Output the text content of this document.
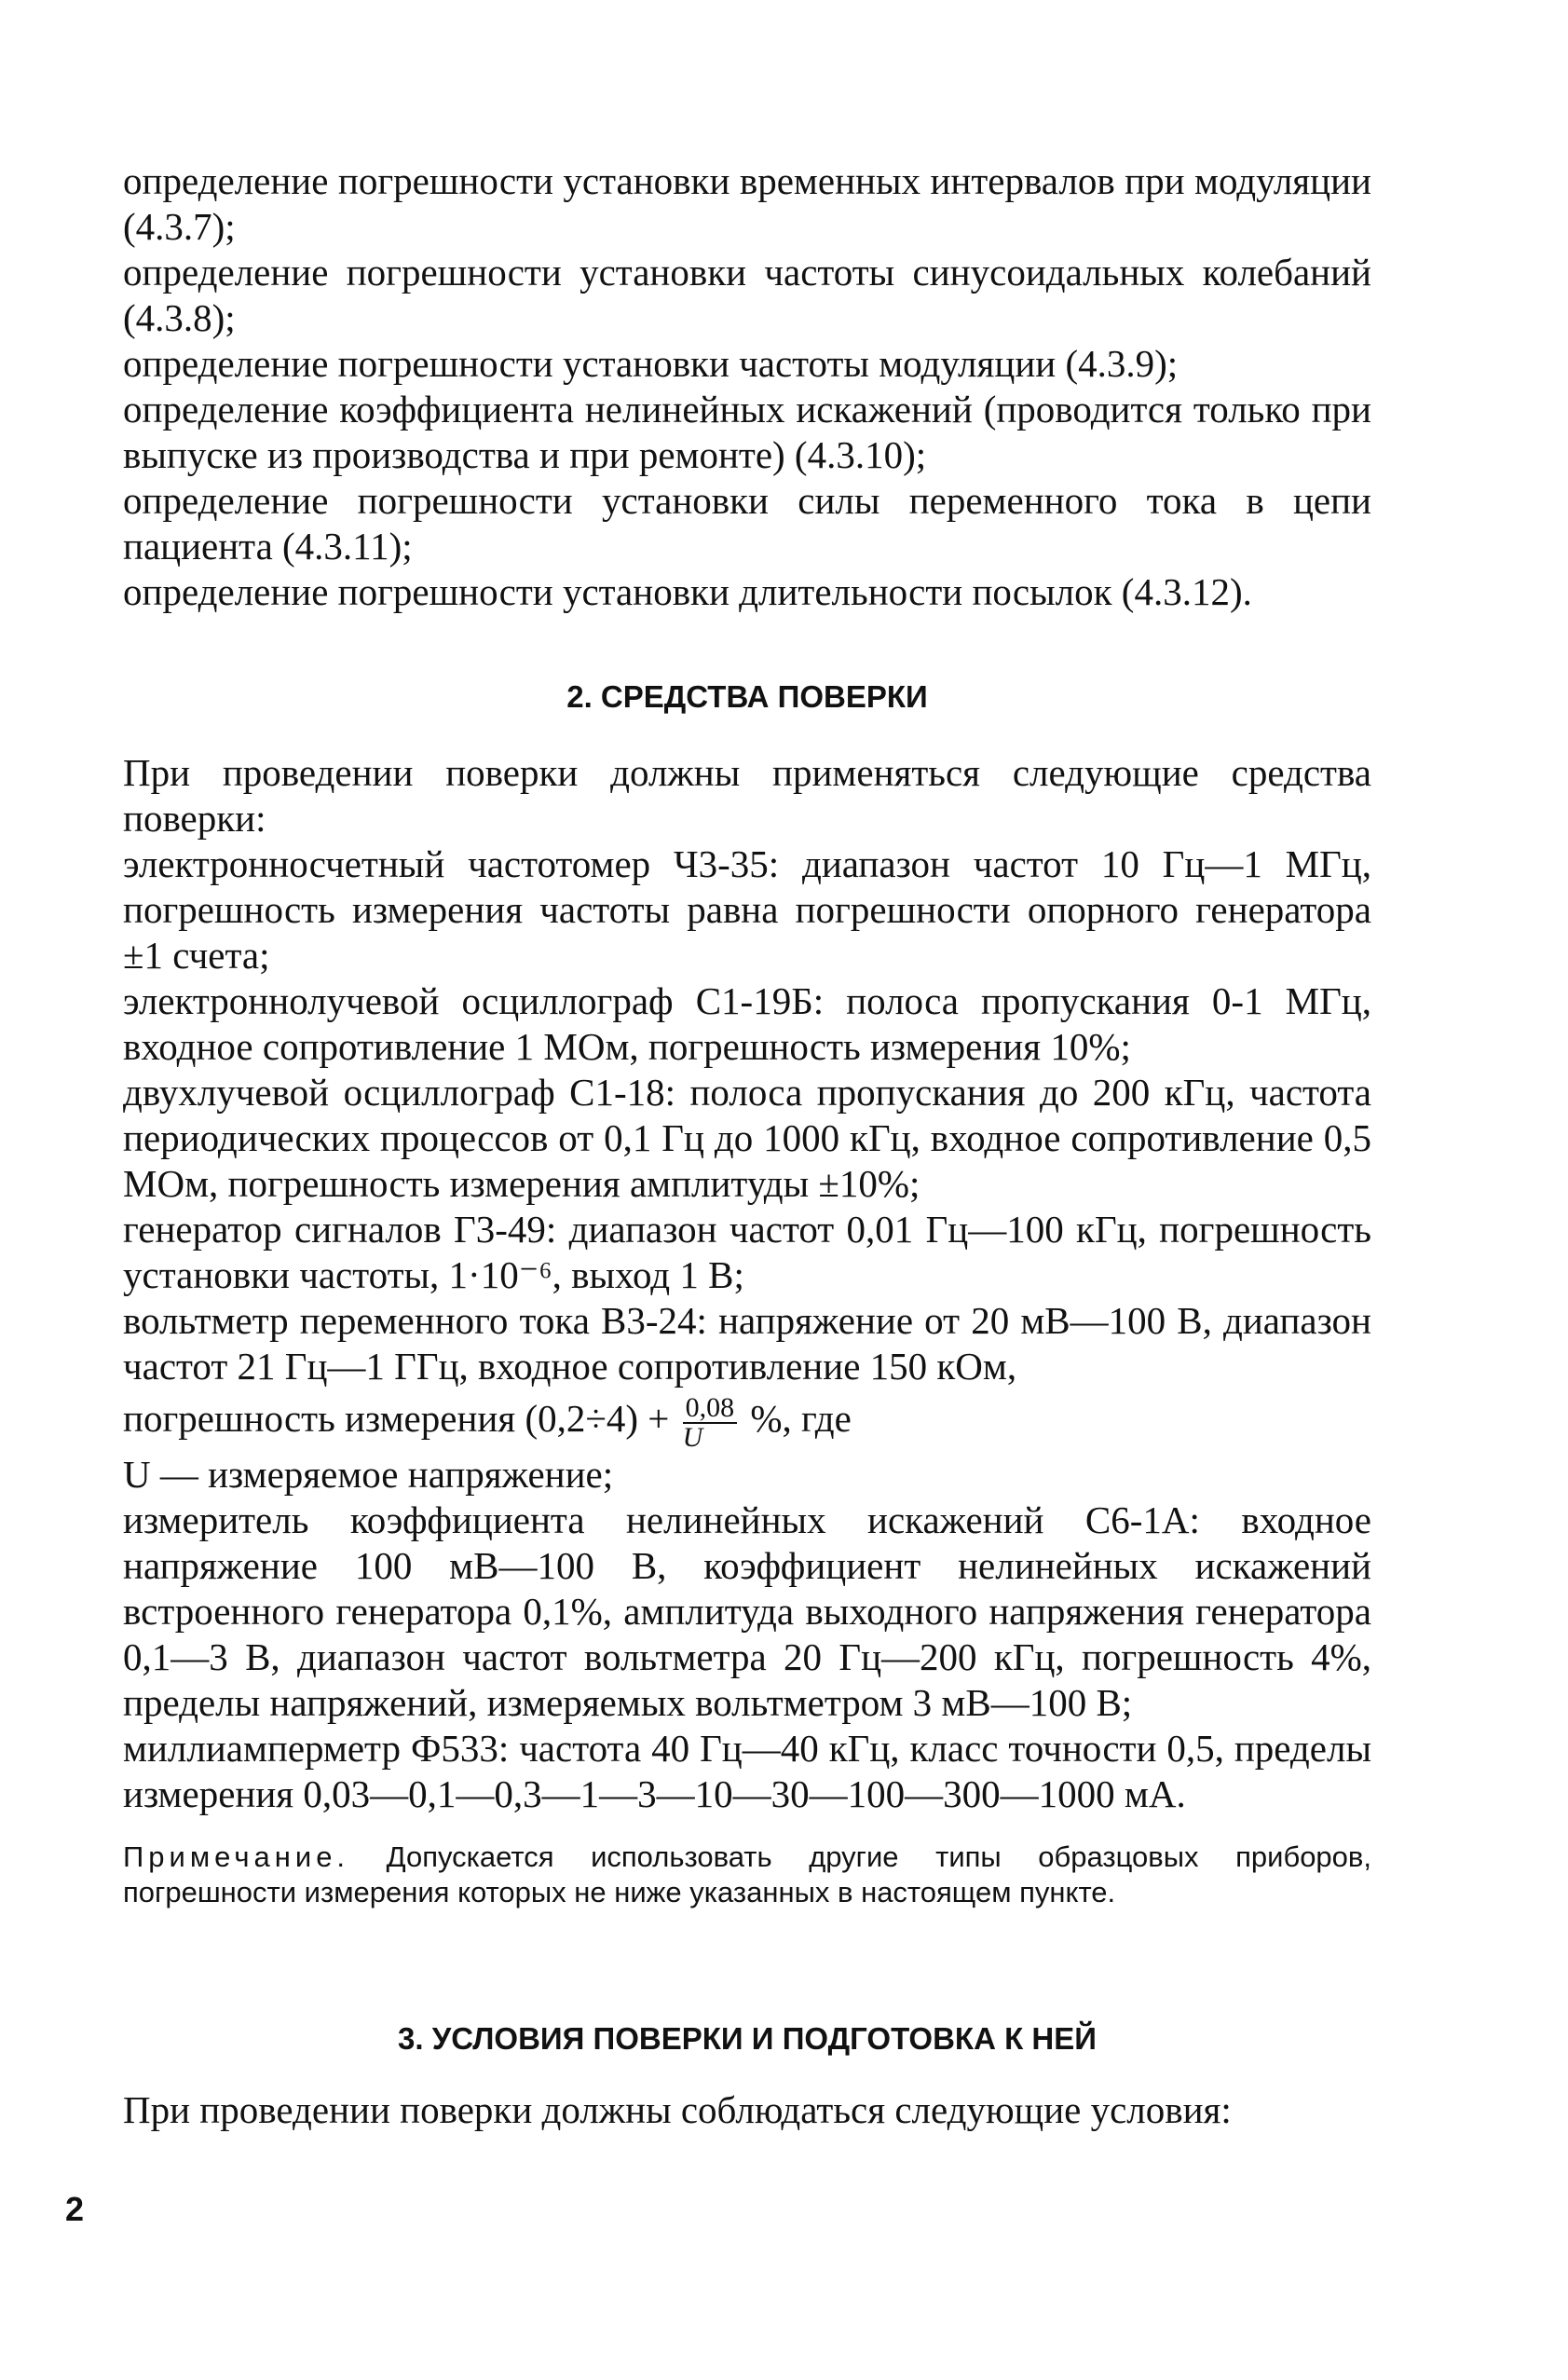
определение погрешности установки временных интервалов при модуляции (4.3.7);

определение погрешности установки частоты синусоидальных колебаний (4.3.8);

определение погрешности установки частоты модуляции (4.3.9);

определение коэффициента нелинейных искажений (проводится только при выпуске из производства и при ремонте) (4.3.10);

определение погрешности установки силы переменного тока в цепи пациента (4.3.11);

определение погрешности установки длительности посылок (4.3.12).

2. СРЕДСТВА ПОВЕРКИ

При проведении поверки должны применяться следующие средства поверки:

электронносчетный частотомер Ч3-35: диапазон частот 10 Гц—1 МГц, погрешность измерения частоты равна погрешности опорного генератора ±1 счета;

электроннолучевой осциллограф С1-19Б: полоса пропускания 0-1 МГц, входное сопротивление 1 МОм, погрешность измерения 10%;

двухлучевой осциллограф С1-18: полоса пропускания до 200 кГц, частота периодических процессов от 0,1 Гц до 1000 кГц, входное сопротивление 0,5 МОм, погрешность измерения амплитуды ±10%;

генератор сигналов Г3-49: диапазон частот 0,01 Гц—100 кГц, погрешность установки частоты, 1·10⁻⁶, выход 1 В;

вольтметр переменного тока В3-24: напряжение от 20 мВ—100 В, диапазон частот 21 Гц—1 ГГц, входное сопротивление 150 кОм,

погрешность измерения $(0,2\div 4) + \frac{0,08}{U}$ %, где

U — измеряемое напряжение;

измеритель коэффициента нелинейных искажений С6-1А: входное напряжение 100 мВ—100 В, коэффициент нелинейных искажений встроенного генератора 0,1%, амплитуда выходного напряжения генератора 0,1—3 В, диапазон частот вольтметра 20 Гц—200 кГц, погрешность 4%, пределы напряжений, измеряемых вольтметром 3 мВ—100 В;

миллиамперметр Ф533: частота 40 Гц—40 кГц, класс точности 0,5, пределы измерения 0,03—0,1—0,3—1—3—10—30—100—300—1000 мА.

Примечание. Допускается использовать другие типы образцовых приборов, погрешности измерения которых не ниже указанных в настоящем пункте.

3. УСЛОВИЯ ПОВЕРКИ И ПОДГОТОВКА К НЕЙ

При проведении поверки должны соблюдаться следующие условия:

2
